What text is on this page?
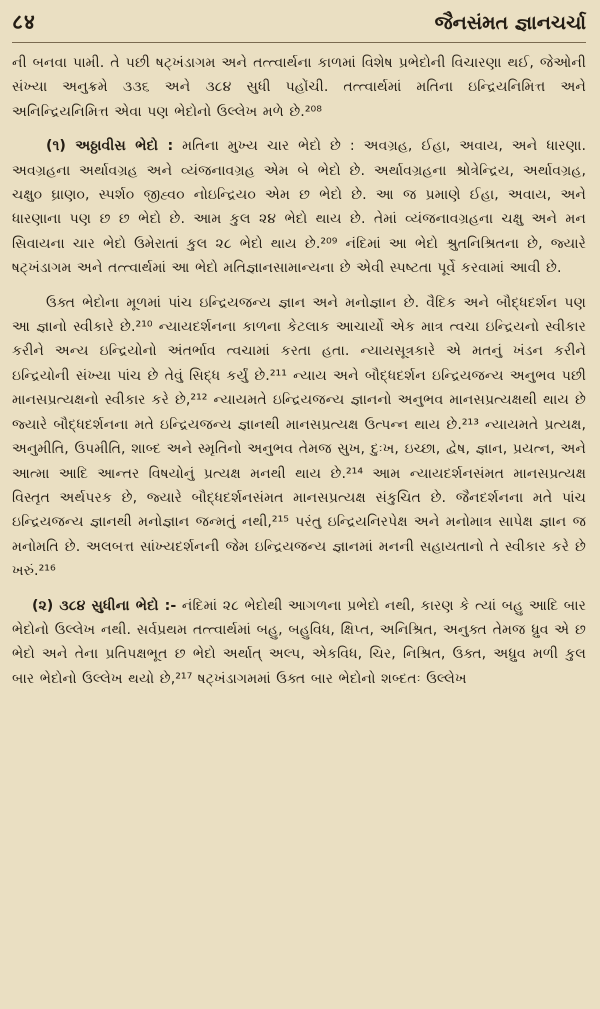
८४	જૈનસંમત જ્ઞાનચર્ચા

ની બનવા પામી. તે પછી ષટ્ખંડાગમ અને તત્ત્વાર્થના કાળમાં વિશેષ પ્રભેદોની વિચારણા થઈ, જેઓની સંખ્યા અનુક્રમે ૩૩૬ અને ૩૮૪ સુધી પહોંચી. તત્ત્વાર્થમાં મતિના ઇન્દ્રિયનિમિત્ત અને અનિન્દ્રિયનિમિત્ત એવા પણ ભેદોનો ઉલ્લેખ મળે છે.²⁰⁸

(૧) અઠ્ઠાવીસ ભેદો : મતિના મુખ્ય ચાર ભેદો છે : અવગ્રહ, ઈહા, અવાય, અને ધારણા. અવગ્રહના અર્થાવગ્રહ અને વ્યંજનાવગ્રહ એમ બે ભેદો છે. અર્થાવગ્રહના શ્રોત્રેન્દ્રિય, અર્થાવગ્રહ, ચક્ષુ૦ ઘ્રાણ૦, સ્પર્શ૦ જીહ્વ૦ નોઇન્દ્રિય૦ એમ છ ભેદો છે. આ જ પ્રમાણે ઈહા, અવાય, અને ધારણાના પણ છ છ ભેદો છે. આમ કુલ ૨૪ ભેદો થાય છે. તેમાં વ્યંજનાવગ્રહના ચક્ષુ અને મન સિવાયના ચાર ભેદો ઉમેરાતાં કુલ ૨૮ ભેદો થાય છે.²⁰⁹ નંદિમાં આ ભેદો શ્રુતનિશ્રિતના છે, જ્યારે ષટ્ખંડાગમ અને તત્ત્વાર્થમાં આ ભેદો મતિજ્ઞાનસામાન્યના છે એવી સ્પષ્ટતા પૂર્વે કરવામાં આવી છે.

ઉક્ત ભેદોના મૂળમાં પાંચ ઇન્દ્રિયજન્ય જ્ઞાન અને મનોજ્ઞાન છે. વૈદિક અને બૌદ્ધદર્શન પણ આ જ્ઞાનો સ્વીકારે છે.²¹⁰ ન્યાયદર્શનના કાળના કેટલાક આચાર્યો એક માત્ર ત્વચા ઇન્દ્રિયનો સ્વીકાર કરીને અન્ય ઇન્દ્રિયોનો અંતર્ભાવ ત્વચામાં કરતા હતા. ન્યાયસૂત્રકારે એ મતનું ખંડન કરીને ઇન્દ્રિયોની સંખ્યા પાંચ છે તેવું સિદ્ધ કર્યું છે.²¹¹ ન્યાય અને બૌદ્ધદર્શન ઇન્દ્રિયજન્ય અનુભવ પછી માનસપ્રત્યક્ષનો સ્વીકાર કરે છે,²¹² ન્યાયમતે ઇન્દ્રિયજન્ય જ્ઞાનનો અનુભવ માનસપ્રત્યક્ષથી થાય છે જ્યારે બૌદ્ધદર્શનના મતે ઇન્દ્રિયજન્ય જ્ઞાનથી માનસપ્રત્યક્ષ ઉત્પન્ન થાય છે.²¹³ ન્યાયમતે પ્રત્યક્ષ, અનુમીતિ, ઉપમીતિ, શાબ્દ અને સ્મૃતિનો અનુભવ તેમજ સુખ, દુઃખ, ઇચ્છા, દ્વેષ, જ્ઞાન, પ્રયત્ન, અને આત્મા આદિ આન્તર વિષયોનું પ્રત્યક્ષ મનથી થાય છે.²¹⁴ આમ ન્યાયદર્શનસંમત માનસપ્રત્યક્ષ વિસ્તૃત અર્થપરક છે, જ્યારે બૌદ્ધદર્શનસંમત માનસપ્રત્યક્ષ સંકુચિત છે. જૈનદર્શનના મતે પાંચ ઇન્દ્રિયજન્ય જ્ઞાનથી મનોજ્ઞાન જન્મતું નથી,²¹⁵ પરંતુ ઇન્દ્રિયનિરપેક્ષ અને મનોમાત્ર સાપેક્ષ જ્ઞાન જ મનોમતિ છે. અલબત્ત સાંખ્યદર્શનની જેમ ઇન્દ્રિયજન્ય જ્ઞાનમાં મનની સહાયતાનો તે સ્વીકાર કરે છે ખરું.²¹⁶

(૨) ૩૮૪ સુધીના ભેદો :- નંદિમાં ૨૮ ભેદોથી આગળના પ્રભેદો નથી, કારણ કે ત્યાં બહુ આદિ બાર ભેદોનો ઉલ્લેખ નથી. સર્વપ્રથમ તત્ત્વાર્થમાં બહુ, બહુવિધ, ક્ષિપ્ત, અનિશ્રિત, અનુક્ત તેમજ ધ્રુવ એ છ ભેદો અને તેના પ્રતિપક્ષભૂત છ ભેદો અર્થાત્ અલ્પ, એકવિધ, ચિર, નિશ્રિત, ઉક્ત, અધ્રુવ મળી કુલ બાર ભેદોનો ઉલ્લેખ થયો છે,²¹⁷ ષટ્ખંડાગમમાં ઉક્ત બાર ભેદોનો શબ્દતઃ ઉલ્લેખ
